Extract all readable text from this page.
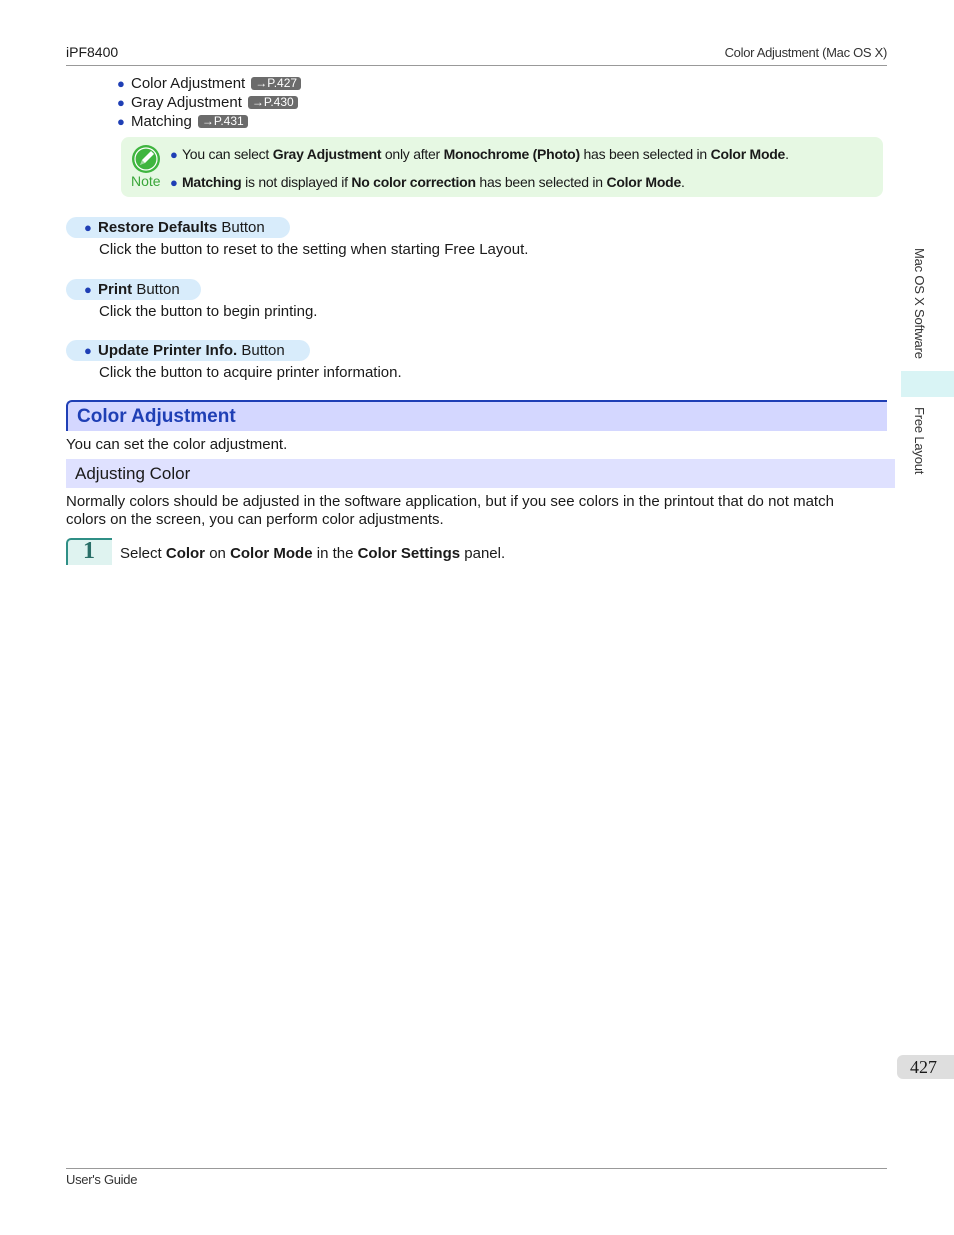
iPF8400	Color Adjustment (Mac OS X)
● Color Adjustment →P.427
● Gray Adjustment →P.430
● Matching →P.431
Note
● You can select Gray Adjustment only after Monochrome (Photo) has been selected in Color Mode.
● Matching is not displayed if No color correction has been selected in Color Mode.
● Restore Defaults Button
Click the button to reset to the setting when starting Free Layout.
● Print Button
Click the button to begin printing.
● Update Printer Info. Button
Click the button to acquire printer information.
Color Adjustment
You can set the color adjustment.
Adjusting Color
Normally colors should be adjusted in the software application, but if you see colors in the printout that do not match
colors on the screen, you can perform color adjustments.
1 Select Color on Color Mode in the Color Settings panel.
Mac OS X Software
Free Layout
427
User's Guide
